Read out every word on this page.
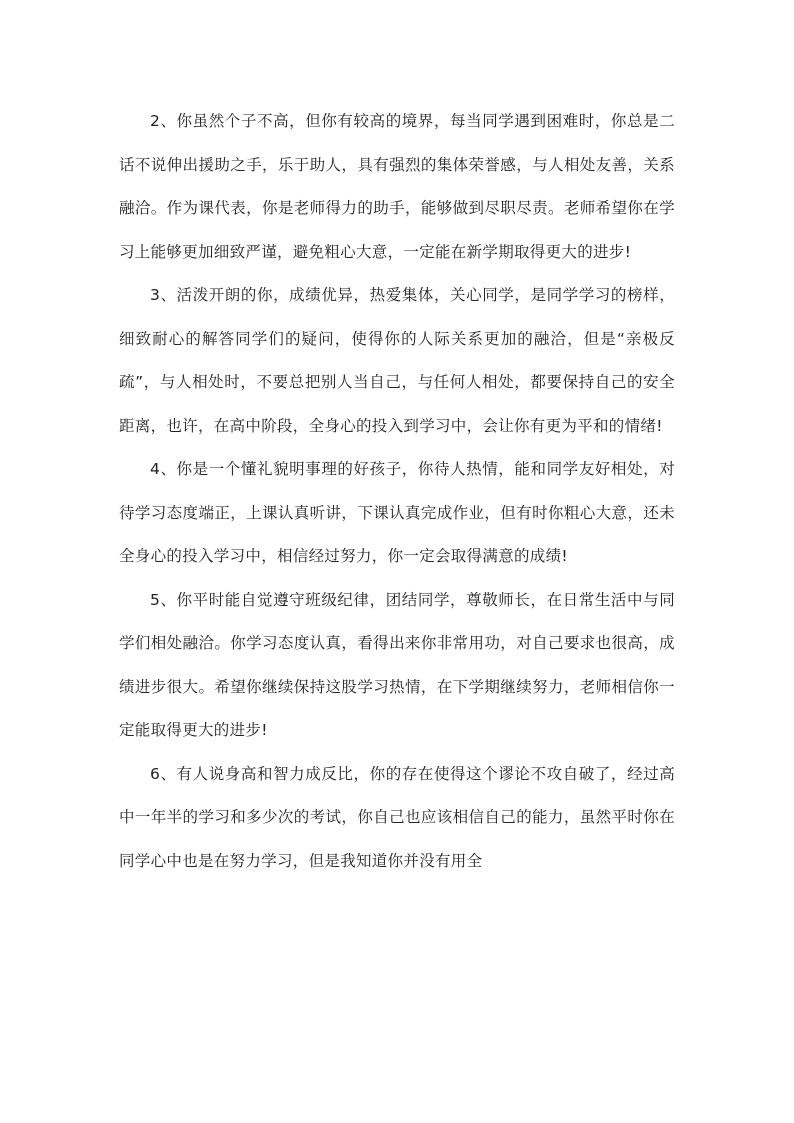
2、你虽然个子不高，但你有较高的境界，每当同学遇到困难时，你总是二话不说伸出援助之手，乐于助人，具有强烈的集体荣誉感，与人相处友善，关系融洽。作为课代表，你是老师得力的助手，能够做到尽职尽责。老师希望你在学习上能够更加细致严谨，避免粗心大意，一定能在新学期取得更大的进步!

3、活泼开朗的你，成绩优异，热爱集体，关心同学，是同学学习的榜样，细致耐心的解答同学们的疑问，使得你的人际关系更加的融洽，但是“亲极反疏”，与人相处时，不要总把别人当自己，与任何人相处，都要保持自己的安全距离，也许，在高中阶段，全身心的投入到学习中，会让你有更为平和的情绪!

4、你是一个懂礼貌明事理的好孩子，你待人热情，能和同学友好相处，对待学习态度端正，上课认真听讲，下课认真完成作业，但有时你粗心大意，还未全身心的投入学习中，相信经过努力，你一定会取得满意的成绩!

5、你平时能自觉遵守班级纪律，团结同学，尊敬师长，在日常生活中与同学们相处融洽。你学习态度认真，看得出来你非常用功，对自己要求也很高，成绩进步很大。希望你继续保持这股学习热情，在下学期继续努力，老师相信你一定能取得更大的进步!

6、有人说身高和智力成反比，你的存在使得这个谬论不攻自破了，经过高中一年半的学习和多少次的考试，你自己也应该相信自己的能力，虽然平时你在同学心中也是在努力学习，但是我知道你并没有用全
